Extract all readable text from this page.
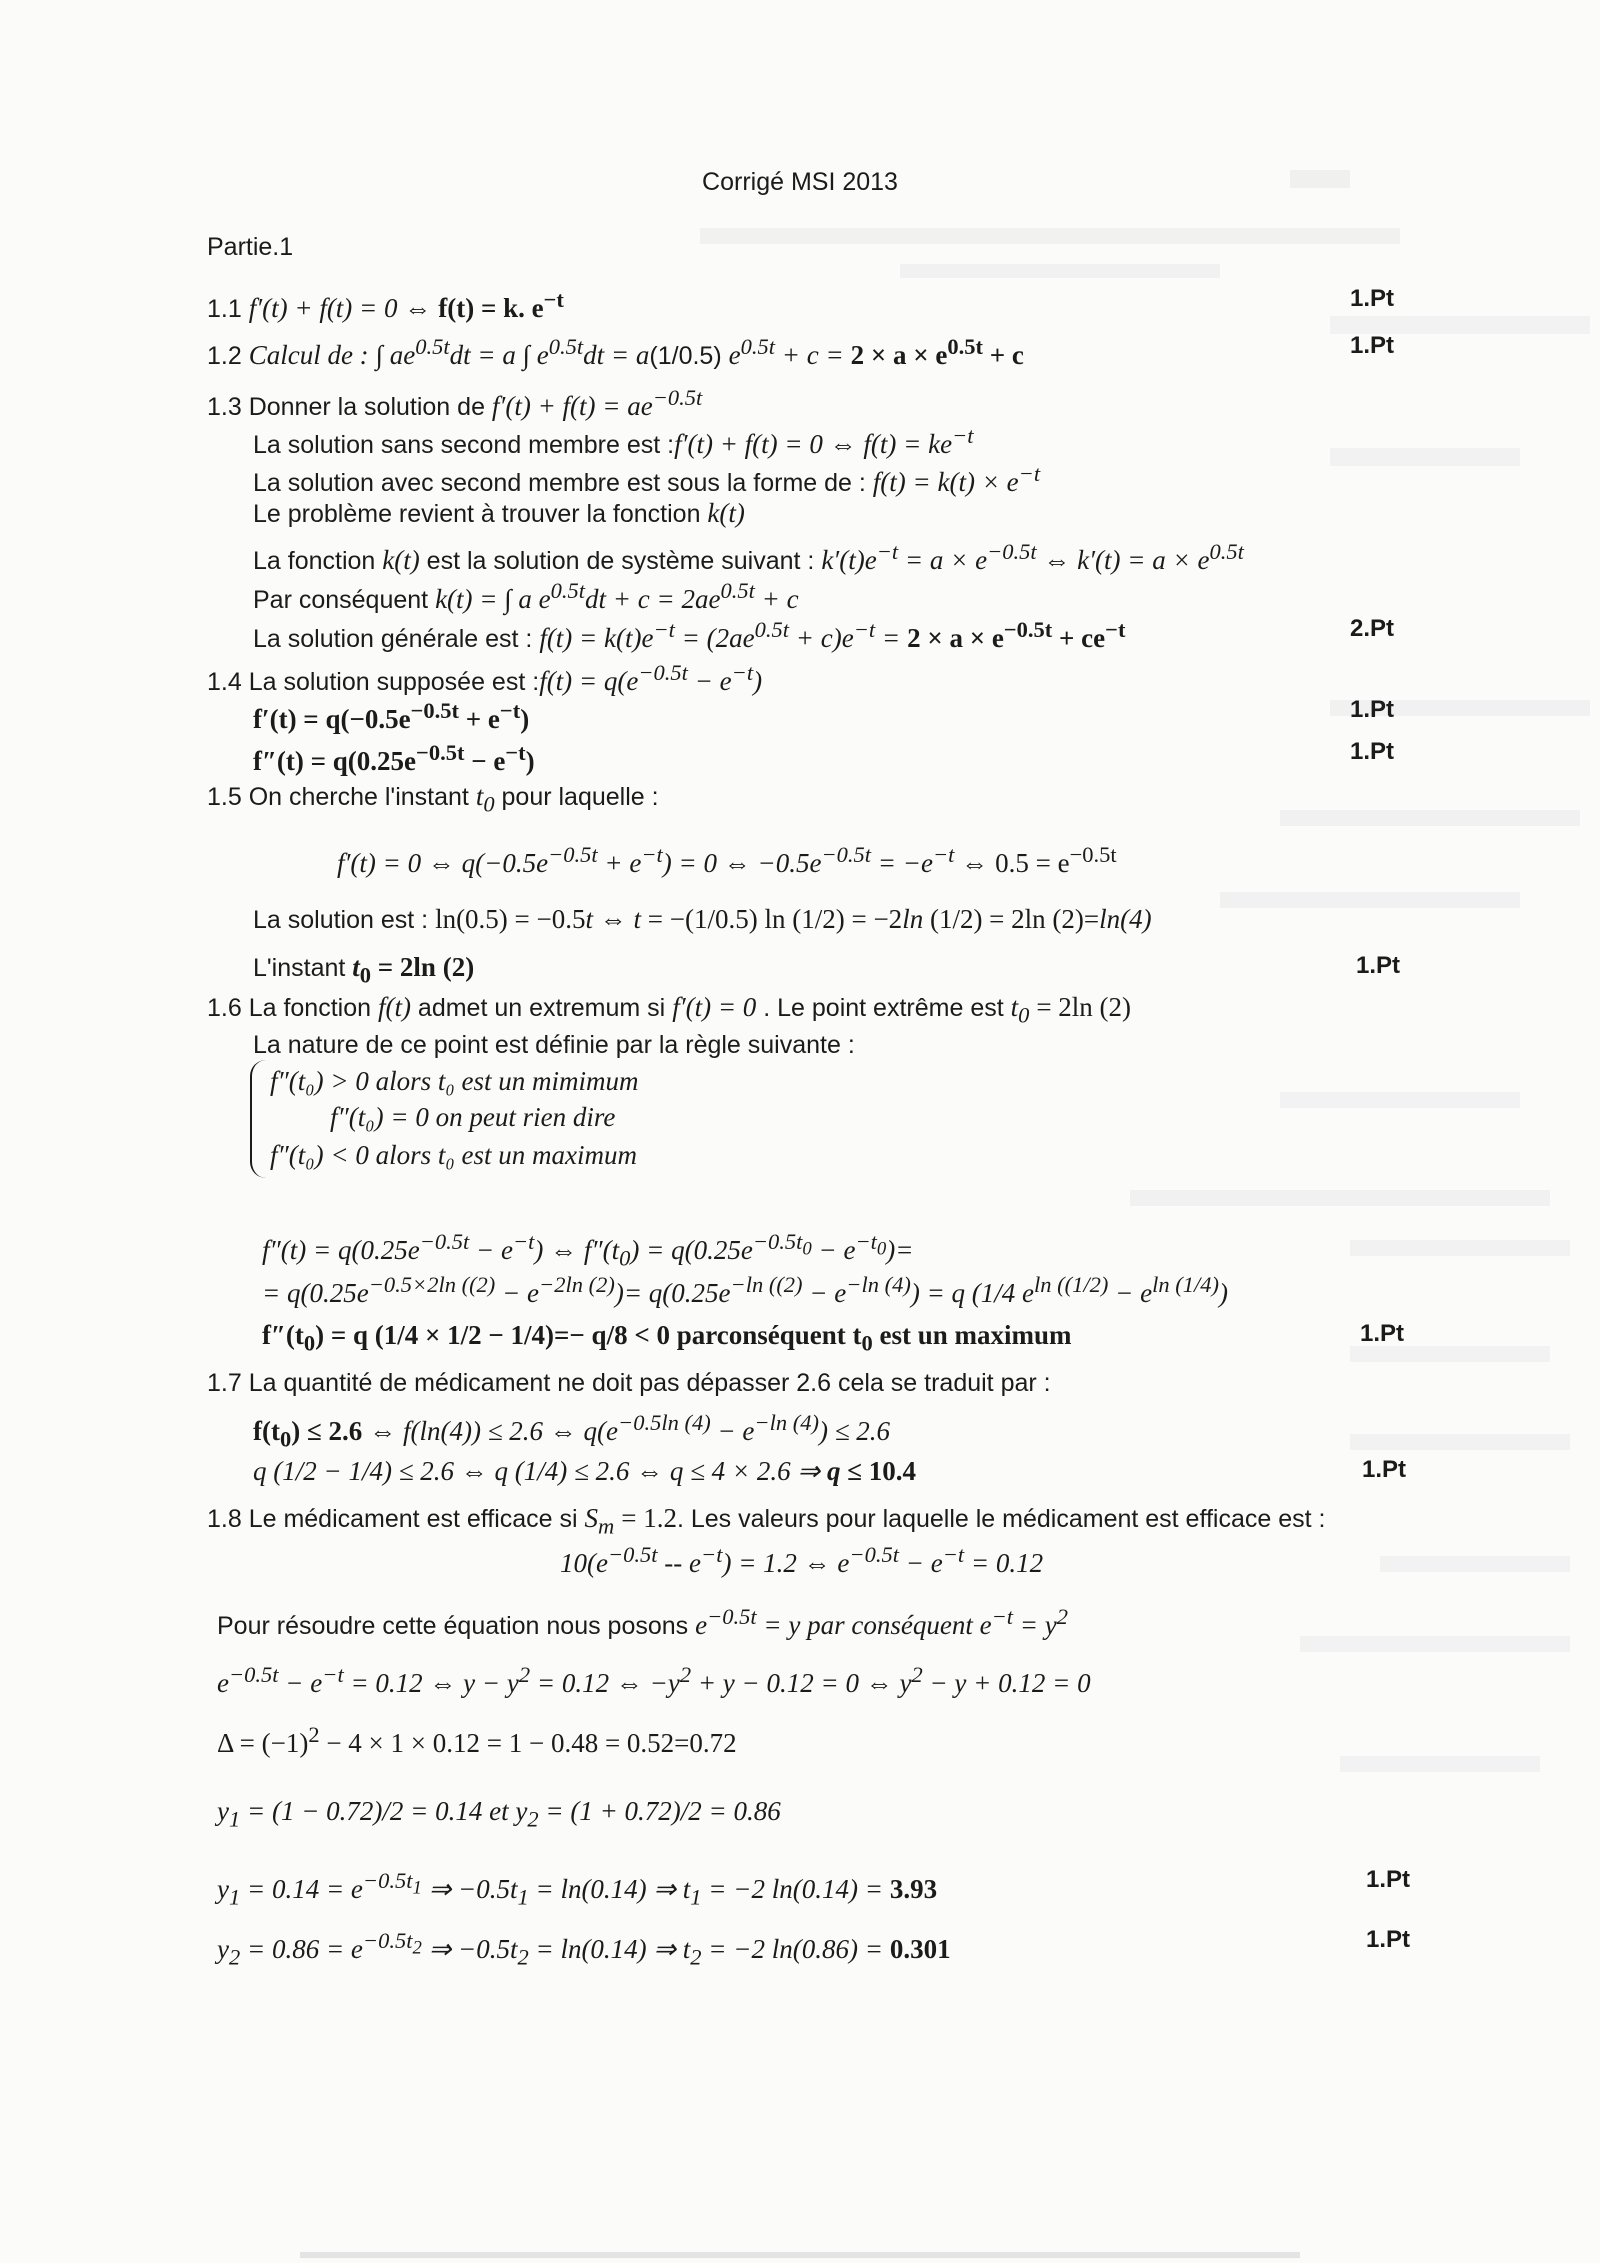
Corrigé MSI 2013
Partie.1
1.1 f′(t) + f(t) = 0 ⇔ f(t) = k. $e^{-t}$
1.2 Calcul de : ∫ $ae^{0.5t}dt = a$ ∫ $e^{0.5t}dt = a(1/0.5) e^{0.5t} + c = 2 \times a \times e^{0.5t} + c$
1.3 Donner la solution de $f'(t) + f(t) = ae^{-0.5t}$
La solution sans second membre est :f′(t) + f(t) = 0 ⇔ $f(t) = ke^{-t}$
La solution avec second membre est sous la forme de : $f(t) = k(t) \times e^{-t}$
Le problème revient à trouver la fonction k(t)
La fonction k(t) est la solution de système suivant : $k'(t)e^{-t} = a \times e^{-0.5t}$ ⇔ $k'(t) = a \times e^{0.5t}$
Par conséquent k(t) = ∫ a $e^{0.5t}dt + c = 2ae^{0.5t} + c$
La solution générale est : $f(t) = k(t)e^{-t} = (2ae^{0.5t} + c)e^{-t} = 2 \times a \times e^{-0.5t} + ce^{-t}$
1.4 La solution supposée est :f(t) = $q(e^{-0.5t} - e^{-t})$
$f'(t) = q(-0.5e^{-0.5t} + e^{-t})$
$f''(t) = q(0.25e^{-0.5t} - e^{-t})$
1.5 On cherche l'instant $t_0$ pour laquelle :
f′(t) = 0 ⇔ $q(-0.5e^{-0.5t} + e^{-t}) = 0$ ⇔ $-0.5e^{-0.5t} = -e^{-t}$ ⇔ $0.5 = e^{-0.5t}$
La solution est : ln(0.5) = −0.5t ⇔ t = −(1/0.5) ln (1/2) = −2ln (1/2) = 2ln (2)=ln(4)
L'instant $t_0 = 2\ln$ (2)
1.6 La fonction f(t) admet un extremum si f′(t) = 0 . Le point extrême est $t_0 = 2\ln$ (2)
La nature de ce point est définie par la règle suivante :
$f''(t) = q(0.25e^{-0.5t} - e^{-t})$ ⇔ $f''(t_0) = q(0.25e^{-0.5t_0} - e^{-t_0})=$
= $q(0.25e^{-0.5\times 2ln ((2)} - e^{-2ln (2)})= q(0.25e^{-ln ((2)} - e^{-ln (4)}) = q$ (1/4 $e^{ln ((1/2)} - e^{ln (1/4)}$)
$f''(t_0) = q$ (1/4 × 1/2 − 1/4)=− q/8 < 0 parconséquent $t_0$ est un maximum
1.7 La quantité de médicament ne doit pas dépasser 2.6 cela se traduit par :
$f(t_0) \le 2.6$ ⇔ f(ln(4)) ≤ 2.6 ⇔ $q(e^{-0.5ln (4)} - e^{-ln (4)}) \le 2.6$
q (1/2 − 1/4) ≤ 2.6 ⇔ q (1/4) ≤ 2.6 ⇔ q ≤ 4 × 2.6 ⇒ q ≤ 10.4
1.8 Le médicament est efficace si $S_m = 1.2$. Les valeurs pour laquelle le médicament est efficace est :
$10(e^{-0.5t} -- e^{-t}) = 1.2$ ⇔ $e^{-0.5t} - e^{-t} = 0.12$
Pour résoudre cette équation nous posons $e^{-0.5t} = y$ par conséquent $e^{-t} = y^2$
$e^{-0.5t} - e^{-t} = 0.12$ ⇔ $y - y^2 = 0.12$ ⇔ $-y^2 + y - 0.12 = 0$ ⇔ $y^2 - y + 0.12 = 0$
$\Delta = (-1)^2 - 4 \times 1 \times 0.12 = 1 - 0.48 = 0.52=0.72$
$y_1 = (1 - 0.72)/2 = 0.14$ et $y_2 = (1 + 0.72)/2 = 0.86$
$y_1 = 0.14 = e^{-0.5t_1}$ ⇒ $-0.5t_1 = \ln(0.14)$ ⇒ $t_1 = -2$ ln(0.14) = 3.93
$y_2 = 0.86 = e^{-0.5t_2}$ ⇒ $-0.5t_2 = \ln(0.14)$ ⇒ $t_2 = -2$ ln(0.86) = 0.301
f″(t₀) > 0 alors t₀ est un mimimum
f″(t₀) = 0 on peut rien dire
f″(t₀) < 0 alors t₀ est un maximum
1.Pt
1.Pt
2.Pt
1.Pt
1.Pt
1.Pt
1.Pt
1.Pt
1.Pt
1.Pt
